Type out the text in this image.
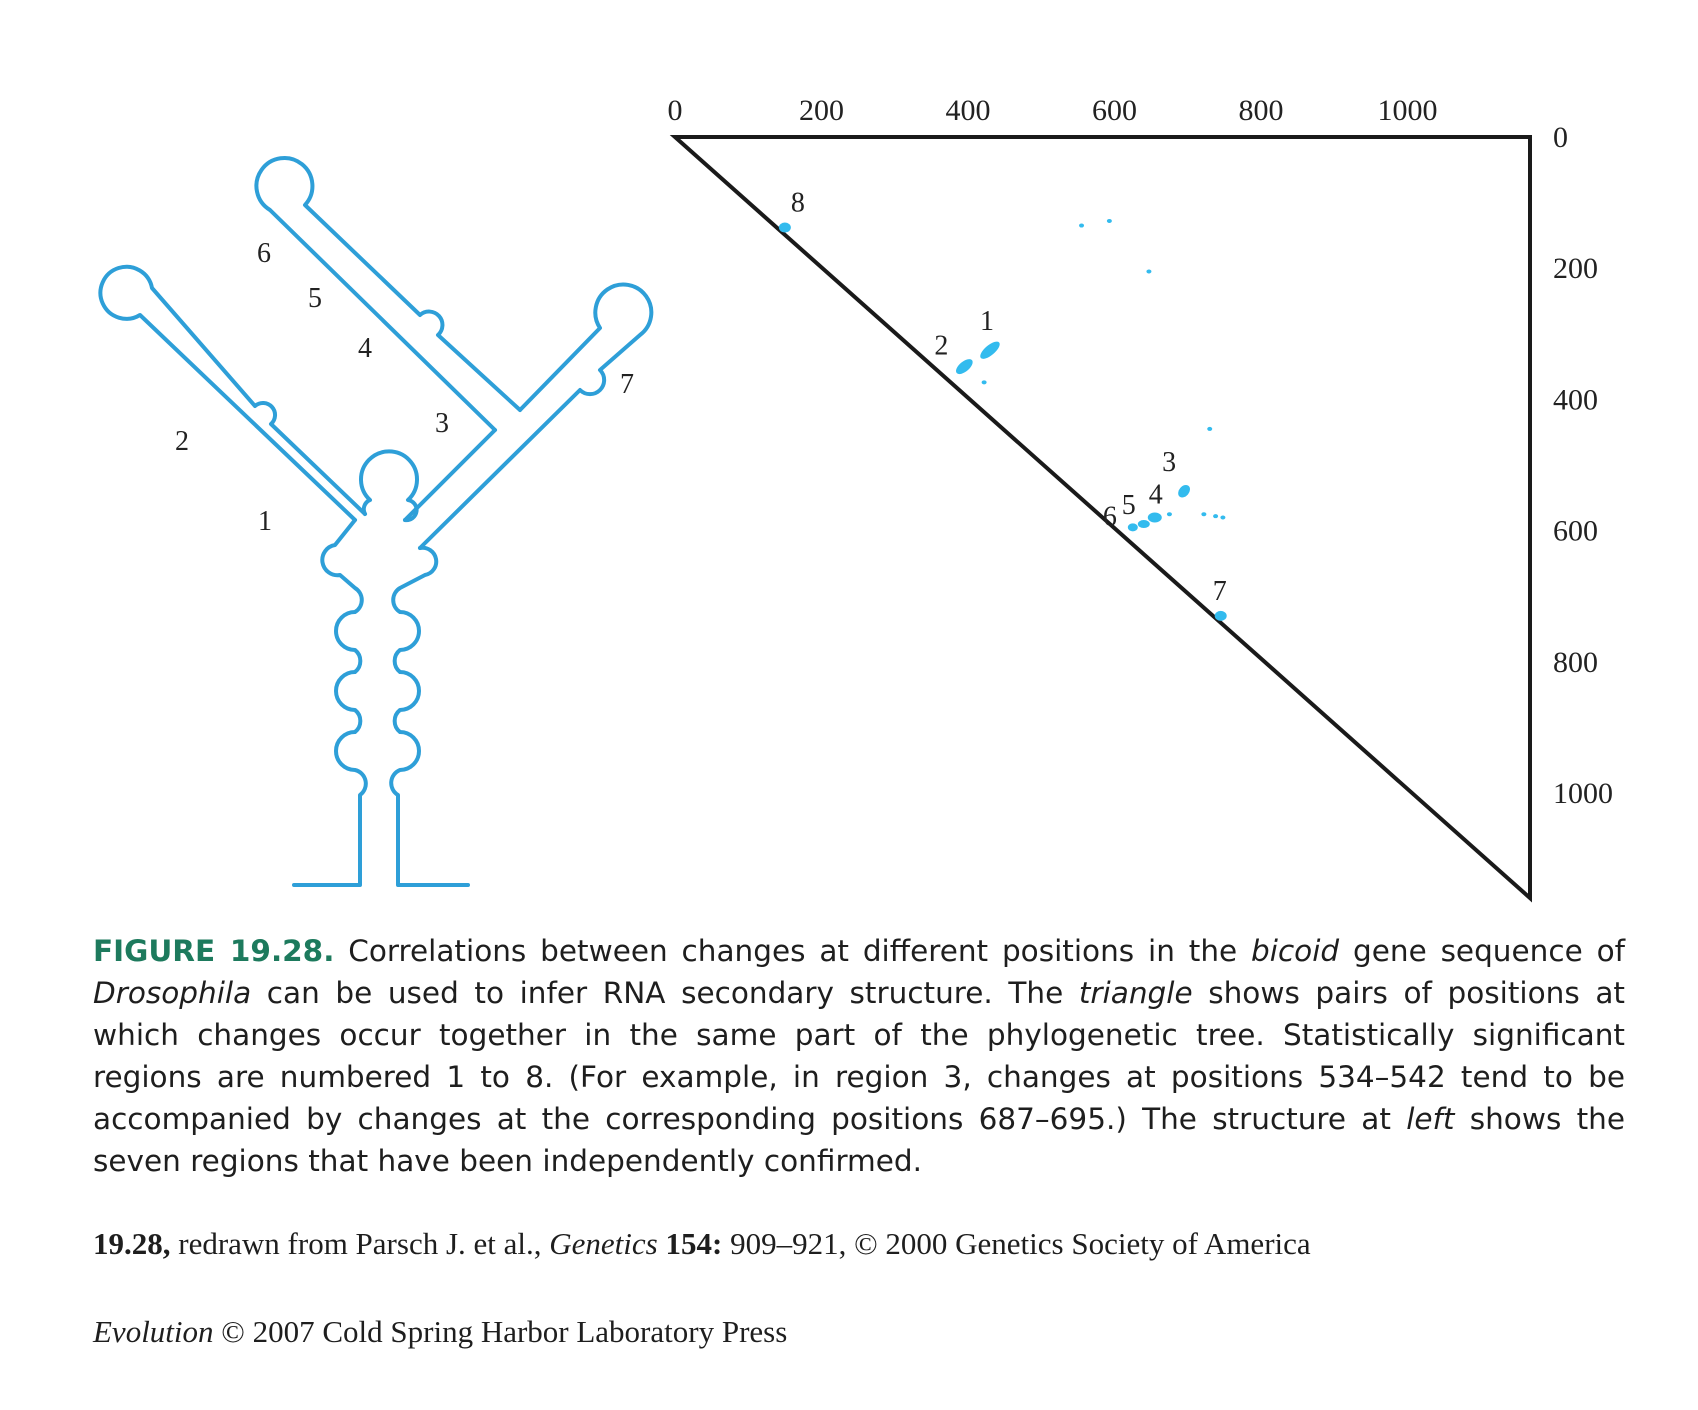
1
2
3
4
5
6
7
0	200	400	600	800	1000
0
200
400
600
800
1000
1
2
3
4
5
6
7
8

FIGURE 19.28. Correlations between changes at different positions in the bicoid gene sequence of Drosophila can be used to infer RNA secondary structure. The triangle shows pairs of positions at which changes occur together in the same part of the phylogenetic tree. Statistically significant regions are numbered 1 to 8. (For example, in region 3, changes at positions 534–542 tend to be accompanied by changes at the corresponding positions 687–695.) The structure at left shows the seven regions that have been independently confirmed.

19.28, redrawn from Parsch J. et al., Genetics 154: 909–921, © 2000 Genetics Society of America

Evolution © 2007 Cold Spring Harbor Laboratory Press
